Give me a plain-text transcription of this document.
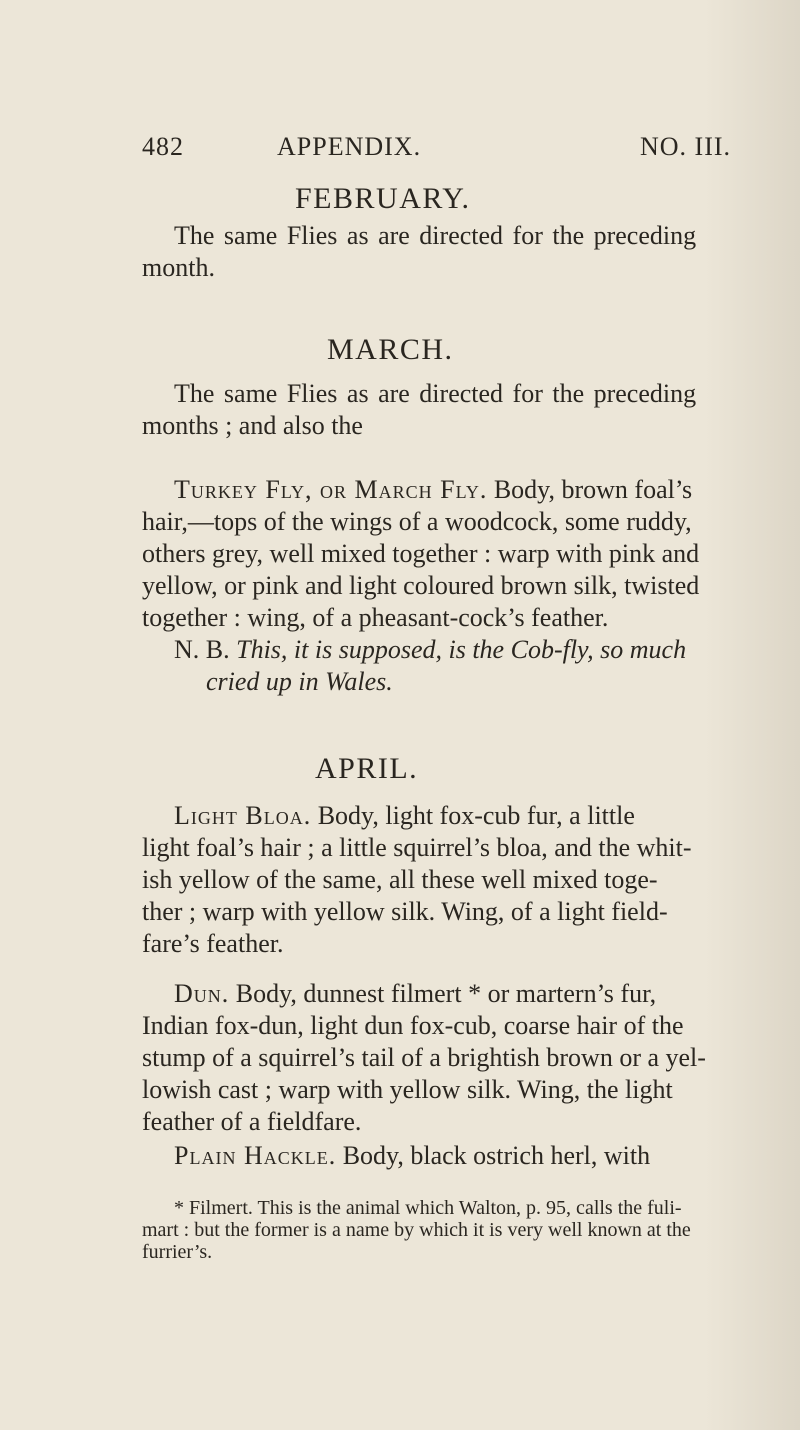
482	APPENDIX.	NO. III.
FEBRUARY.
The same Flies as are directed for the preceding
month.
MARCH.
The same Flies as are directed for the preceding
months ; and also the
Turkey Fly, or March Fly. Body, brown foal’s
hair,—tops of the wings of a woodcock, some ruddy,
others grey, well mixed together : warp with pink and
yellow, or pink and light coloured brown silk, twisted
together : wing, of a pheasant-cock’s feather.
N. B. This, it is supposed, is the Cob-fly, so much
cried up in Wales.
APRIL.
Light Bloa. Body, light fox-cub fur, a little
light foal’s hair ; a little squirrel’s bloa, and the whit-
ish yellow of the same, all these well mixed toge-
ther ; warp with yellow silk. Wing, of a light field-
fare’s feather.
Dun. Body, dunnest filmert * or martern’s fur,
Indian fox-dun, light dun fox-cub, coarse hair of the
stump of a squirrel’s tail of a brightish brown or a yel-
lowish cast ; warp with yellow silk. Wing, the light
feather of a fieldfare.
Plain Hackle. Body, black ostrich herl, with
* Filmert. This is the animal which Walton, p. 95, calls the fuli-
mart : but the former is a name by which it is very well known at the
furrier’s.
